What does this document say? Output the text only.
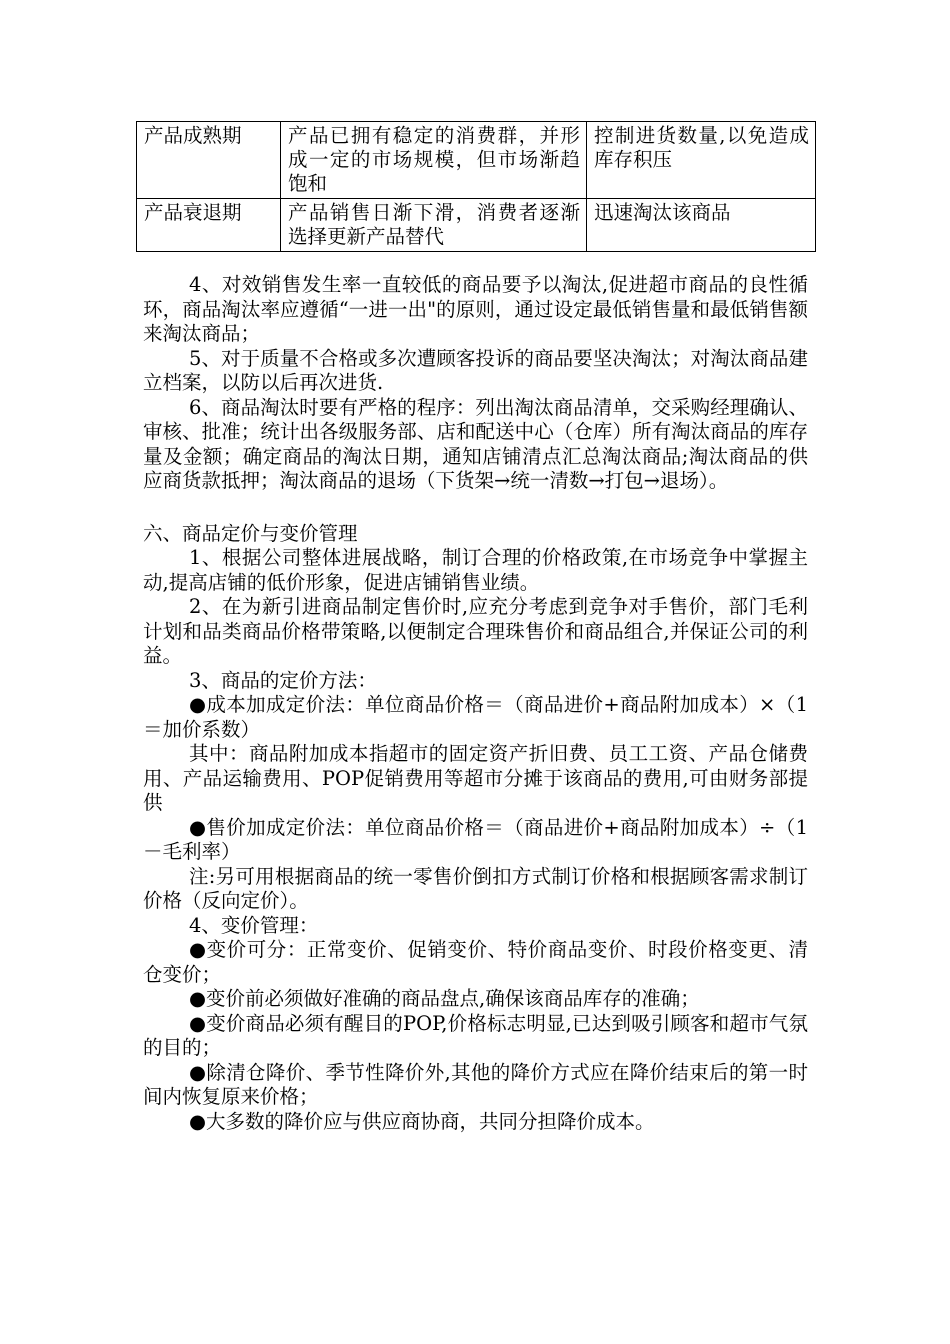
产品成熟期	产品已拥有稳定的消费群，并形成一定的市场规模，但市场渐趋饱和	控制进货数量,以免造成库存积压
产品衰退期	产品销售日渐下滑，消费者逐渐选择更新产品替代	迅速淘汰该商品

4、对效销售发生率一直较低的商品要予以淘汰,促进超市商品的良性循环，商品淘汰率应遵循“一进一出"的原则，通过设定最低销售量和最低销售额来淘汰商品；

5、对于质量不合格或多次遭顾客投诉的商品要坚决淘汰；对淘汰商品建立档案，以防以后再次进货.

6、商品淘汰时要有严格的程序：列出淘汰商品清单，交采购经理确认、审核、批准；统计出各级服务部、店和配送中心（仓库）所有淘汰商品的库存量及金额；确定商品的淘汰日期，通知店铺清点汇总淘汰商品;淘汰商品的供应商货款抵押；淘汰商品的退场（下货架→统一清数→打包→退场）。

六、商品定价与变价管理

1、根据公司整体进展战略，制订合理的价格政策,在市场竞争中掌握主动,提高店铺的低价形象，促进店铺销售业绩。

2、在为新引进商品制定售价时,应充分考虑到竞争对手售价，部门毛利计划和品类商品价格带策略,以便制定合理珠售价和商品组合,并保证公司的利益。

3、商品的定价方法：

●成本加成定价法：单位商品价格＝（商品进价+商品附加成本）×（1＝加价系数）

其中：商品附加成本指超市的固定资产折旧费、员工工资、产品仓储费用、产品运输费用、POP促销费用等超市分摊于该商品的费用,可由财务部提供

●售价加成定价法：单位商品价格＝（商品进价+商品附加成本）÷（1－毛利率）

注:另可用根据商品的统一零售价倒扣方式制订价格和根据顾客需求制订价格（反向定价）。

4、变价管理：

●变价可分：正常变价、促销变价、特价商品变价、时段价格变更、清仓变价；

●变价前必须做好准确的商品盘点,确保该商品库存的准确；

●变价商品必须有醒目的POP,价格标志明显,已达到吸引顾客和超市气氛的目的；

●除清仓降价、季节性降价外,其他的降价方式应在降价结束后的第一时间内恢复原来价格；

●大多数的降价应与供应商协商，共同分担降价成本。
